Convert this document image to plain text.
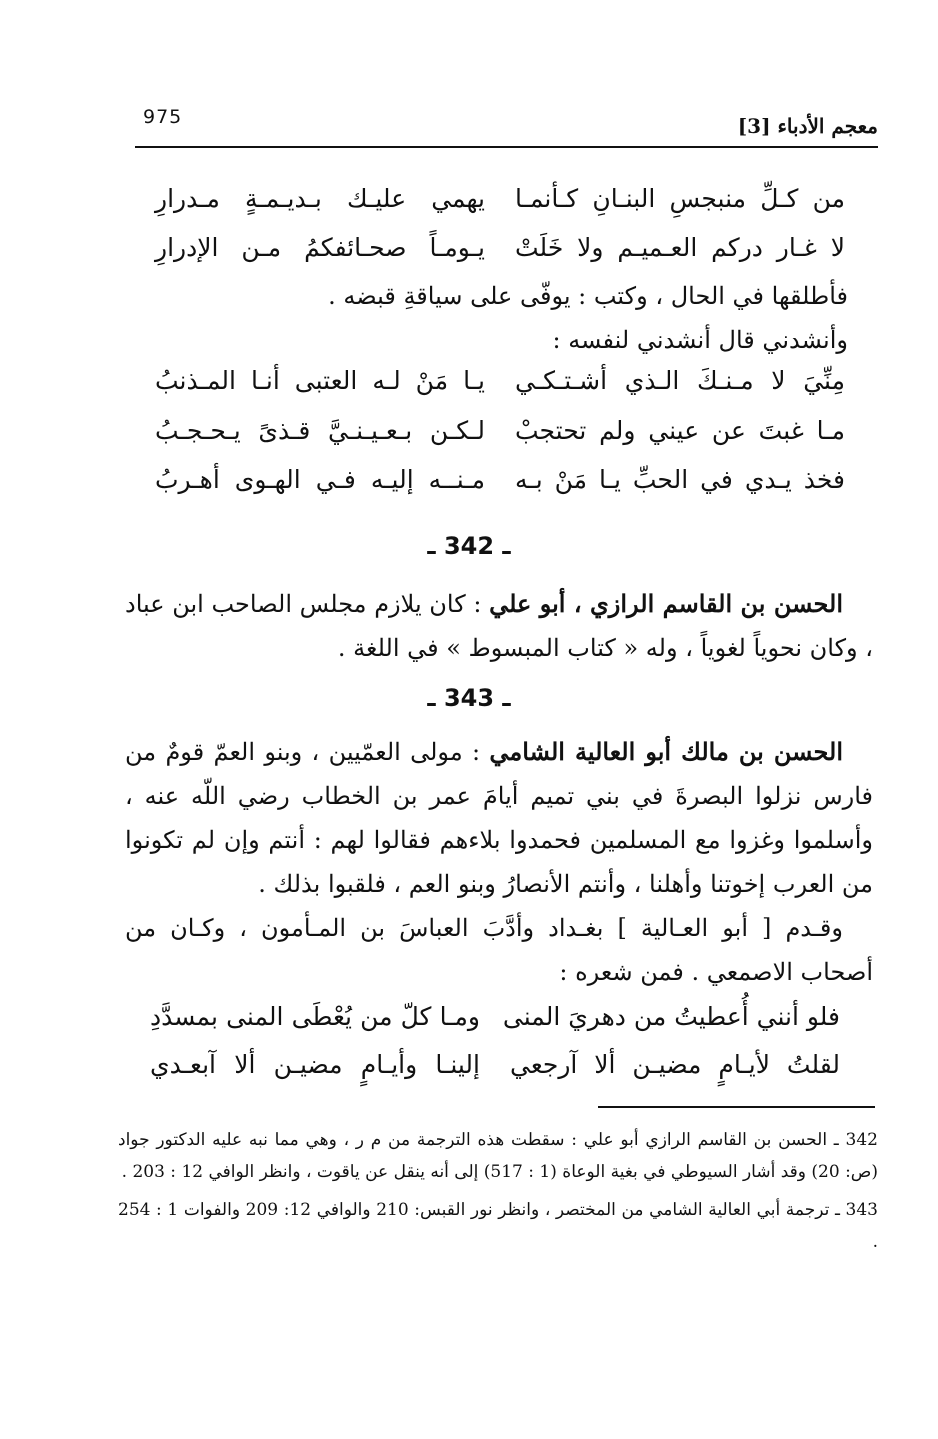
معجم الأدباء [3]
975
من كـلِّ منبجسِ البنـانِ كـأنمـا
يهمي عليـك بـديـمـةٍ مـدرارِ
لا غـار دركم العـميـم ولا خَلَتْ
يـومـاً صحـائفكمُ مـن الإدرارِ

فأطلقها في الحال ، وكتب : يوفّى على سياقةِ قبضه .

وأنشدني قال أنشدني لنفسه :

مِنِّيَ لا مـنـكَ الـذي أشـتـكـي
يـا مَنْ لـه العتبى أنـا المـذنبُ
مـا غبتَ عن عيني ولم تحتجبْ
لـكـن بـعـيـنـيَّ قـذىً يـحـجـبُ
فخذ يـدي في الحبِّ يـا مَنْ بـه
مـنــه إليـه فـي الهـوى أهـربُ
ـ 342 ـ

الحسن بن القاسم الرازي ، أبو علي : كان يلازم مجلس الصاحب ابن عباد ، وكان نحوياً لغوياً ، وله « كتاب المبسوط » في اللغة .

ـ 343 ـ

الحسن بن مالك أبو العالية الشامي : مولى العمّيين ، وبنو العمّ قومٌ من فارس نزلوا البصرةَ في بني تميم أيامَ عمر بن الخطاب رضي اللّه عنه ، وأسلموا وغزوا مع المسلمين فحمدوا بلاءهم فقالوا لهم : أنتم وإن لم تكونوا من العرب إخوتنا وأهلنا ، وأنتم الأنصارُ وبنو العم ، فلقبوا بذلك .

وقـدم [ أبو العـالية ] بغـداد وأدَّبَ العباسَ بن المـأمون ، وكـان من أصحاب الاصمعي . فمن شعره :

فلو أنني أُعطيتُ من دهريَ المنى
ومـا كلّ من يُعْطَى المنى بمسدَّدِ
لقلتُ لأيـامٍ مضيـن ألا آرجعي
إلينـا وأيـامٍ مضيـن ألا آبعـدي

342 ـ الحسن بن القاسم الرازي أبو علي : سقطت هذه الترجمة من م ر ، وهي مما نبه عليه الدكتور جواد (ص: 20) وقد أشار السيوطي في بغية الوعاة (1 : 517) إلى أنه ينقل عن ياقوت ، وانظر الوافي 12 : 203 .

343 ـ ترجمة أبي العالية الشامي من المختصر ، وانظر نور القبس: 210 والوافي 12: 209 والفوات 1 : 254 .
